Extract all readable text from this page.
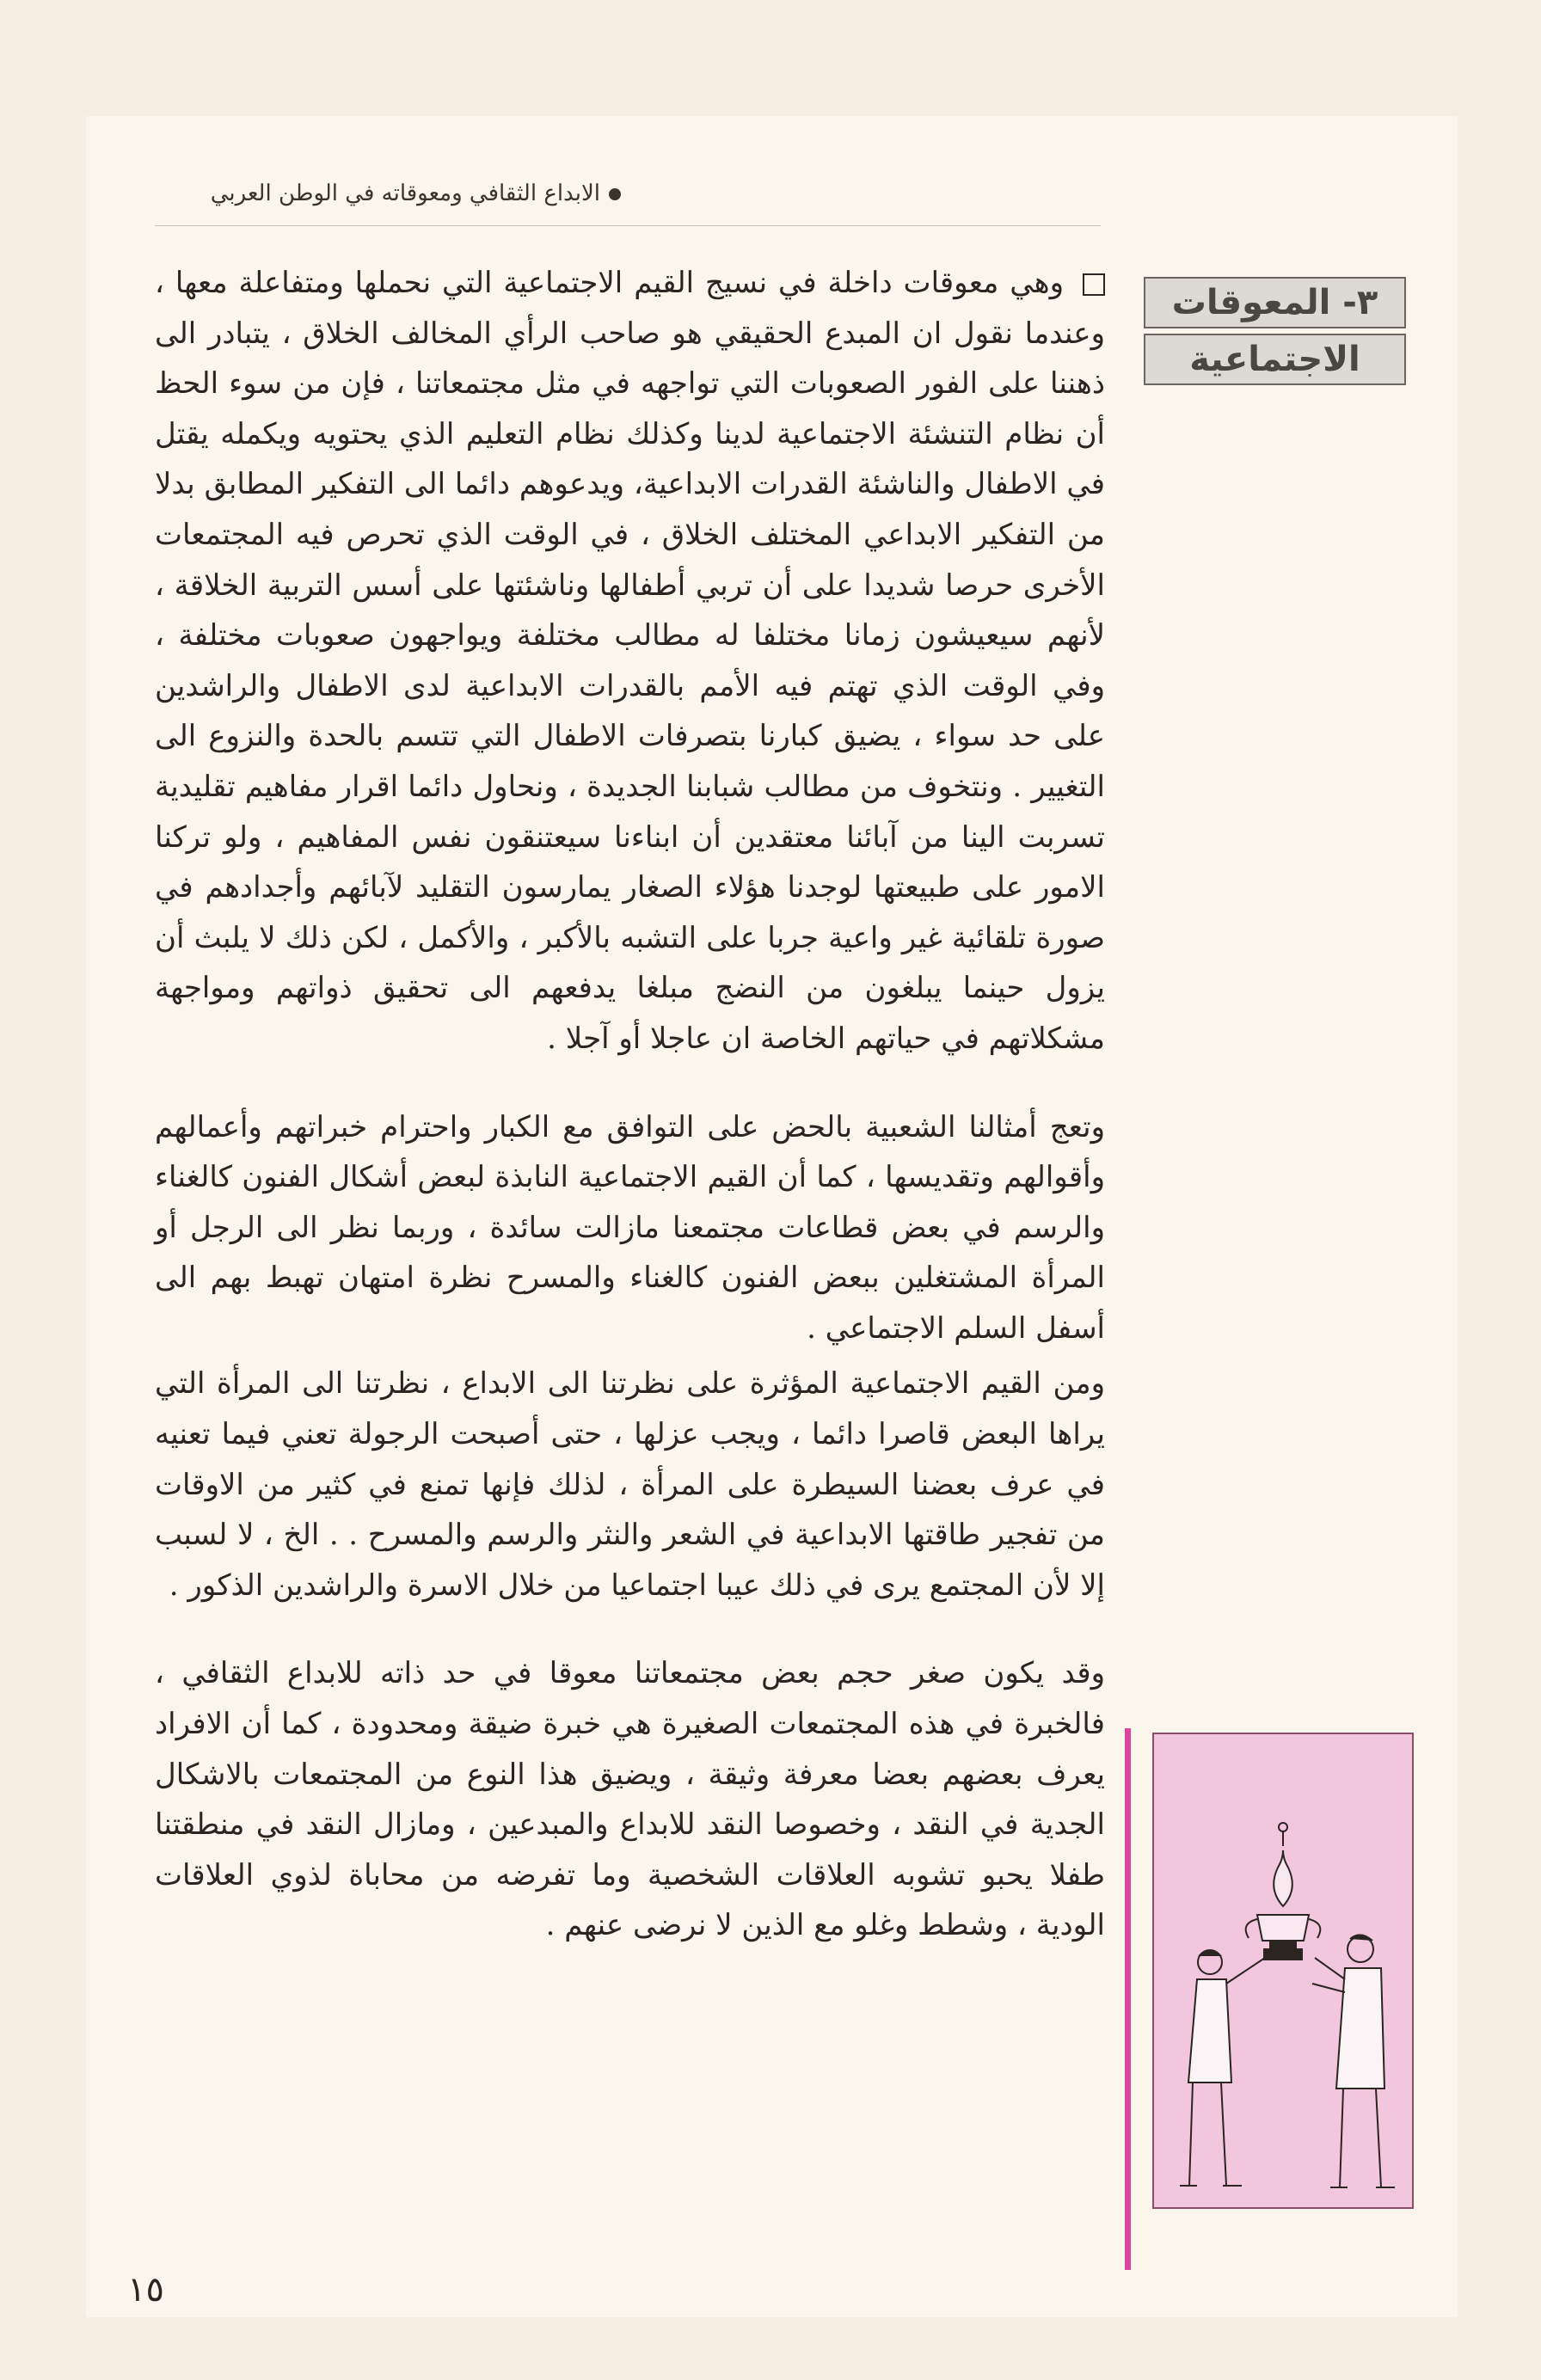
الابداع الثقافي ومعوقاته في الوطن العربي
٣- المعوقات
الاجتماعية

وهي معوقات داخلة في نسيج القيم الاجتماعية التي نحملها ومتفاعلة معها ، وعندما نقول ان المبدع الحقيقي هو صاحب الرأي المخالف الخلاق ، يتبادر الى ذهننا على الفور الصعوبات التي تواجهه في مثل مجتمعاتنا ، فإن من سوء الحظ أن نظام التنشئة الاجتماعية لدينا وكذلك نظام التعليم الذي يحتويه ويكمله يقتل في الاطفال والناشئة القدرات الابداعية، ويدعوهم دائما الى التفكير المطابق بدلا من التفكير الابداعي المختلف الخلاق ، في الوقت الذي تحرص فيه المجتمعات الأخرى حرصا شديدا على أن تربي أطفالها وناشئتها على أسس التربية الخلاقة ، لأنهم سيعيشون زمانا مختلفا له مطالب مختلفة ويواجهون صعوبات مختلفة ، وفي الوقت الذي تهتم فيه الأمم بالقدرات الابداعية لدى الاطفال والراشدين على حد سواء ، يضيق كبارنا بتصرفات الاطفال التي تتسم بالحدة والنزوع الى التغيير . ونتخوف من مطالب شبابنا الجديدة ، ونحاول دائما اقرار مفاهيم تقليدية تسربت الينا من آبائنا معتقدين أن ابناءنا سيعتنقون نفس المفاهيم ، ولو تركنا الامور على طبيعتها لوجدنا هؤلاء الصغار يمارسون التقليد لآبائهم وأجدادهم في صورة تلقائية غير واعية جربا على التشبه بالأكبر ، والأكمل ، لكن ذلك لا يلبث أن يزول حينما يبلغون من النضج مبلغا يدفعهم الى تحقيق ذواتهم ومواجهة مشكلاتهم في حياتهم الخاصة ان عاجلا أو آجلا .

وتعج أمثالنا الشعبية بالحض على التوافق مع الكبار واحترام خبراتهم وأعمالهم وأقوالهم وتقديسها ، كما أن القيم الاجتماعية النابذة لبعض أشكال الفنون كالغناء والرسم في بعض قطاعات مجتمعنا مازالت سائدة ، وربما نظر الى الرجل أو المرأة المشتغلين ببعض الفنون كالغناء والمسرح نظرة امتهان تهبط بهم الى أسفل السلم الاجتماعي .

ومن القيم الاجتماعية المؤثرة على نظرتنا الى الابداع ، نظرتنا الى المرأة التي يراها البعض قاصرا دائما ، ويجب عزلها ، حتى أصبحت الرجولة تعني فيما تعنيه في عرف بعضنا السيطرة على المرأة ، لذلك فإنها تمنع في كثير من الاوقات من تفجير طاقتها الابداعية في الشعر والنثر والرسم والمسرح . . الخ ، لا لسبب إلا لأن المجتمع يرى في ذلك عيبا اجتماعيا من خلال الاسرة والراشدين الذكور .

وقد يكون صغر حجم بعض مجتمعاتنا معوقا في حد ذاته للابداع الثقافي ، فالخبرة في هذه المجتمعات الصغيرة هي خبرة ضيقة ومحدودة ، كما أن الافراد يعرف بعضهم بعضا معرفة وثيقة ، ويضيق هذا النوع من المجتمعات بالاشكال الجدية في النقد ، وخصوصا النقد للابداع والمبدعين ، ومازال النقد في منطقتنا طفلا يحبو تشوبه العلاقات الشخصية وما تفرضه من محاباة لذوي العلاقات الودية ، وشطط وغلو مع الذين لا نرضى عنهم .

١٥
